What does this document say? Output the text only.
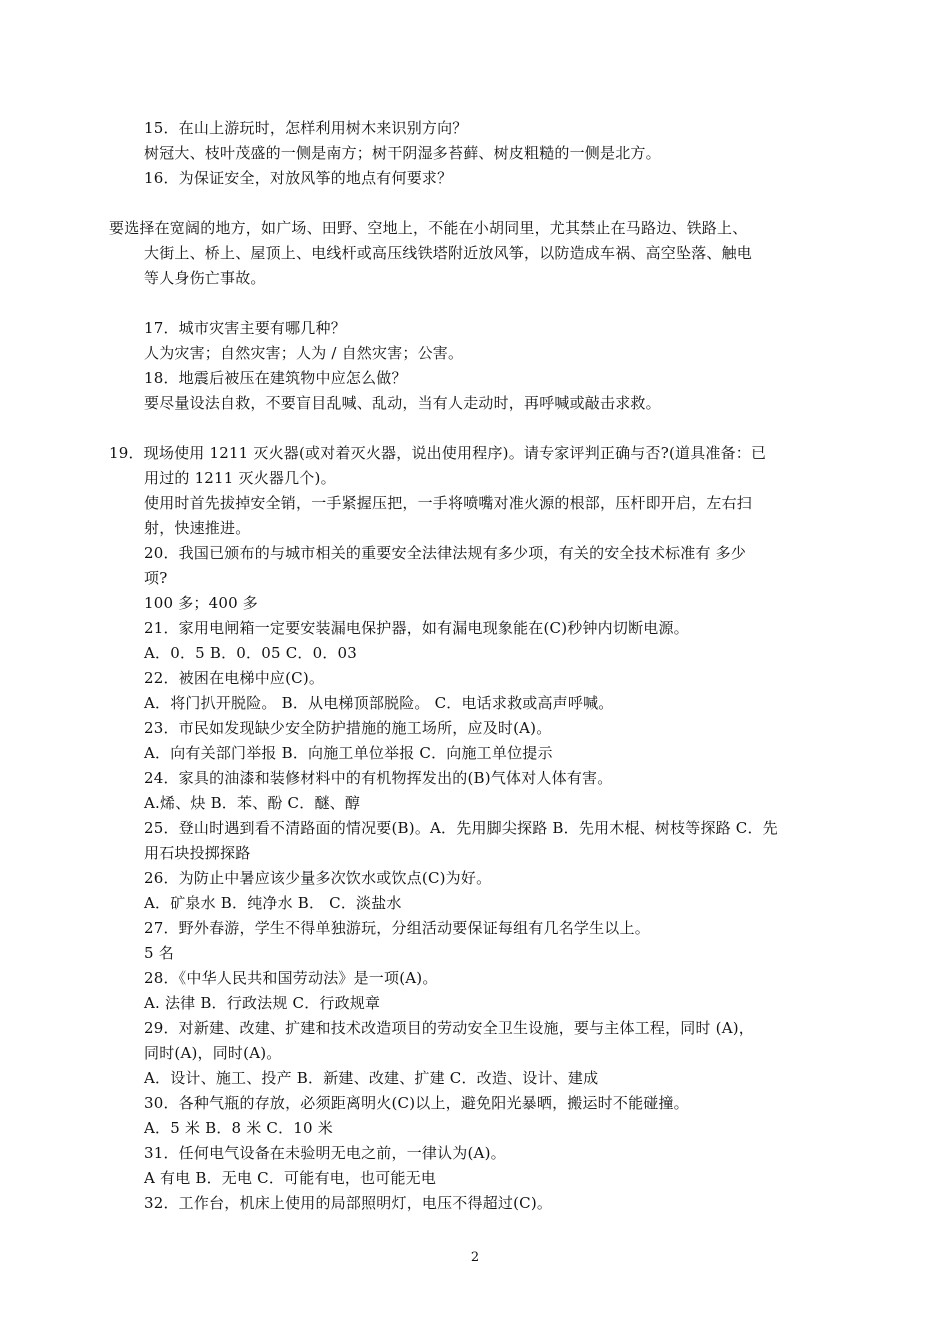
15．在山上游玩时，怎样利用树木来识别方向？
树冠大、枝叶茂盛的一侧是南方；树干阴湿多苔藓、树皮粗糙的一侧是北方。
16．为保证安全，对放风筝的地点有何要求？
要选择在宽阔的地方，如广场、田野、空地上，不能在小胡同里，尤其禁止在马路边、铁路上、
大街上、桥上、屋顶上、电线杆或高压线铁塔附近放风筝，以防造成车祸、高空坠落、触电
等人身伤亡事故。
17．城市灾害主要有哪几种？
人为灾害；自然灾害；人为 / 自然灾害；公害。
18．地震后被压在建筑物中应怎么做？
要尽量设法自救，不要盲目乱喊、乱动，当有人走动时，再呼喊或敲击求救。
19．现场使用 1211 灭火器(或对着灭火器，说出使用程序)。请专家评判正确与否?(道具准备：已
用过的 1211 灭火器几个)。
使用时首先拔掉安全销，一手紧握压把，一手将喷嘴对准火源的根部，压杆即开启，左右扫
射，快速推进。
20．我国已颁布的与城市相关的重要安全法律法规有多少项，有关的安全技术标准有 多少
项?
100 多；400 多
21．家用电闸箱一定要安装漏电保护器，如有漏电现象能在(C)秒钟内切断电源。
A．0．5 B．0．05 C．0．03
22．被困在电梯中应(C)。
A．将门扒开脱险。 B．从电梯顶部脱险。 C．电话求救或高声呼喊。
23．市民如发现缺少安全防护措施的施工场所，应及时(A)。
A．向有关部门举报 B．向施工单位举报 C．向施工单位提示
24．家具的油漆和装修材料中的有机物挥发出的(B)气体对人体有害。
A.烯、炔 B．苯、酚 C．醚、醇
25．登山时遇到看不清路面的情况要(B)。A．先用脚尖探路 B．先用木棍、树枝等探路 C．先
用石块投掷探路
26．为防止中暑应该少量多次饮水或饮点(C)为好。
A．矿泉水 B．纯净水 B． C．淡盐水
27．野外春游，学生不得单独游玩，分组活动要保证每组有几名学生以上。
5 名
28．《中华人民共和国劳动法》是一项(A)。
A. 法律 B．行政法规 C．行政规章
29．对新建、改建、扩建和技术改造项目的劳动安全卫生设施，要与主体工程，同时 (A)，
同时(A)，同时(A)。
A．设计、施工、投产 B．新建、改建、扩建 C．改造、设计、建成
30．各种气瓶的存放，必须距离明火(C)以上，避免阳光暴晒，搬运时不能碰撞。
A．5 米 B．8 米 C．10 米
31．任何电气设备在未验明无电之前，一律认为(A)。
A 有电 B．无电 C．可能有电，也可能无电
32．工作台，机床上使用的局部照明灯，电压不得超过(C)。
2
